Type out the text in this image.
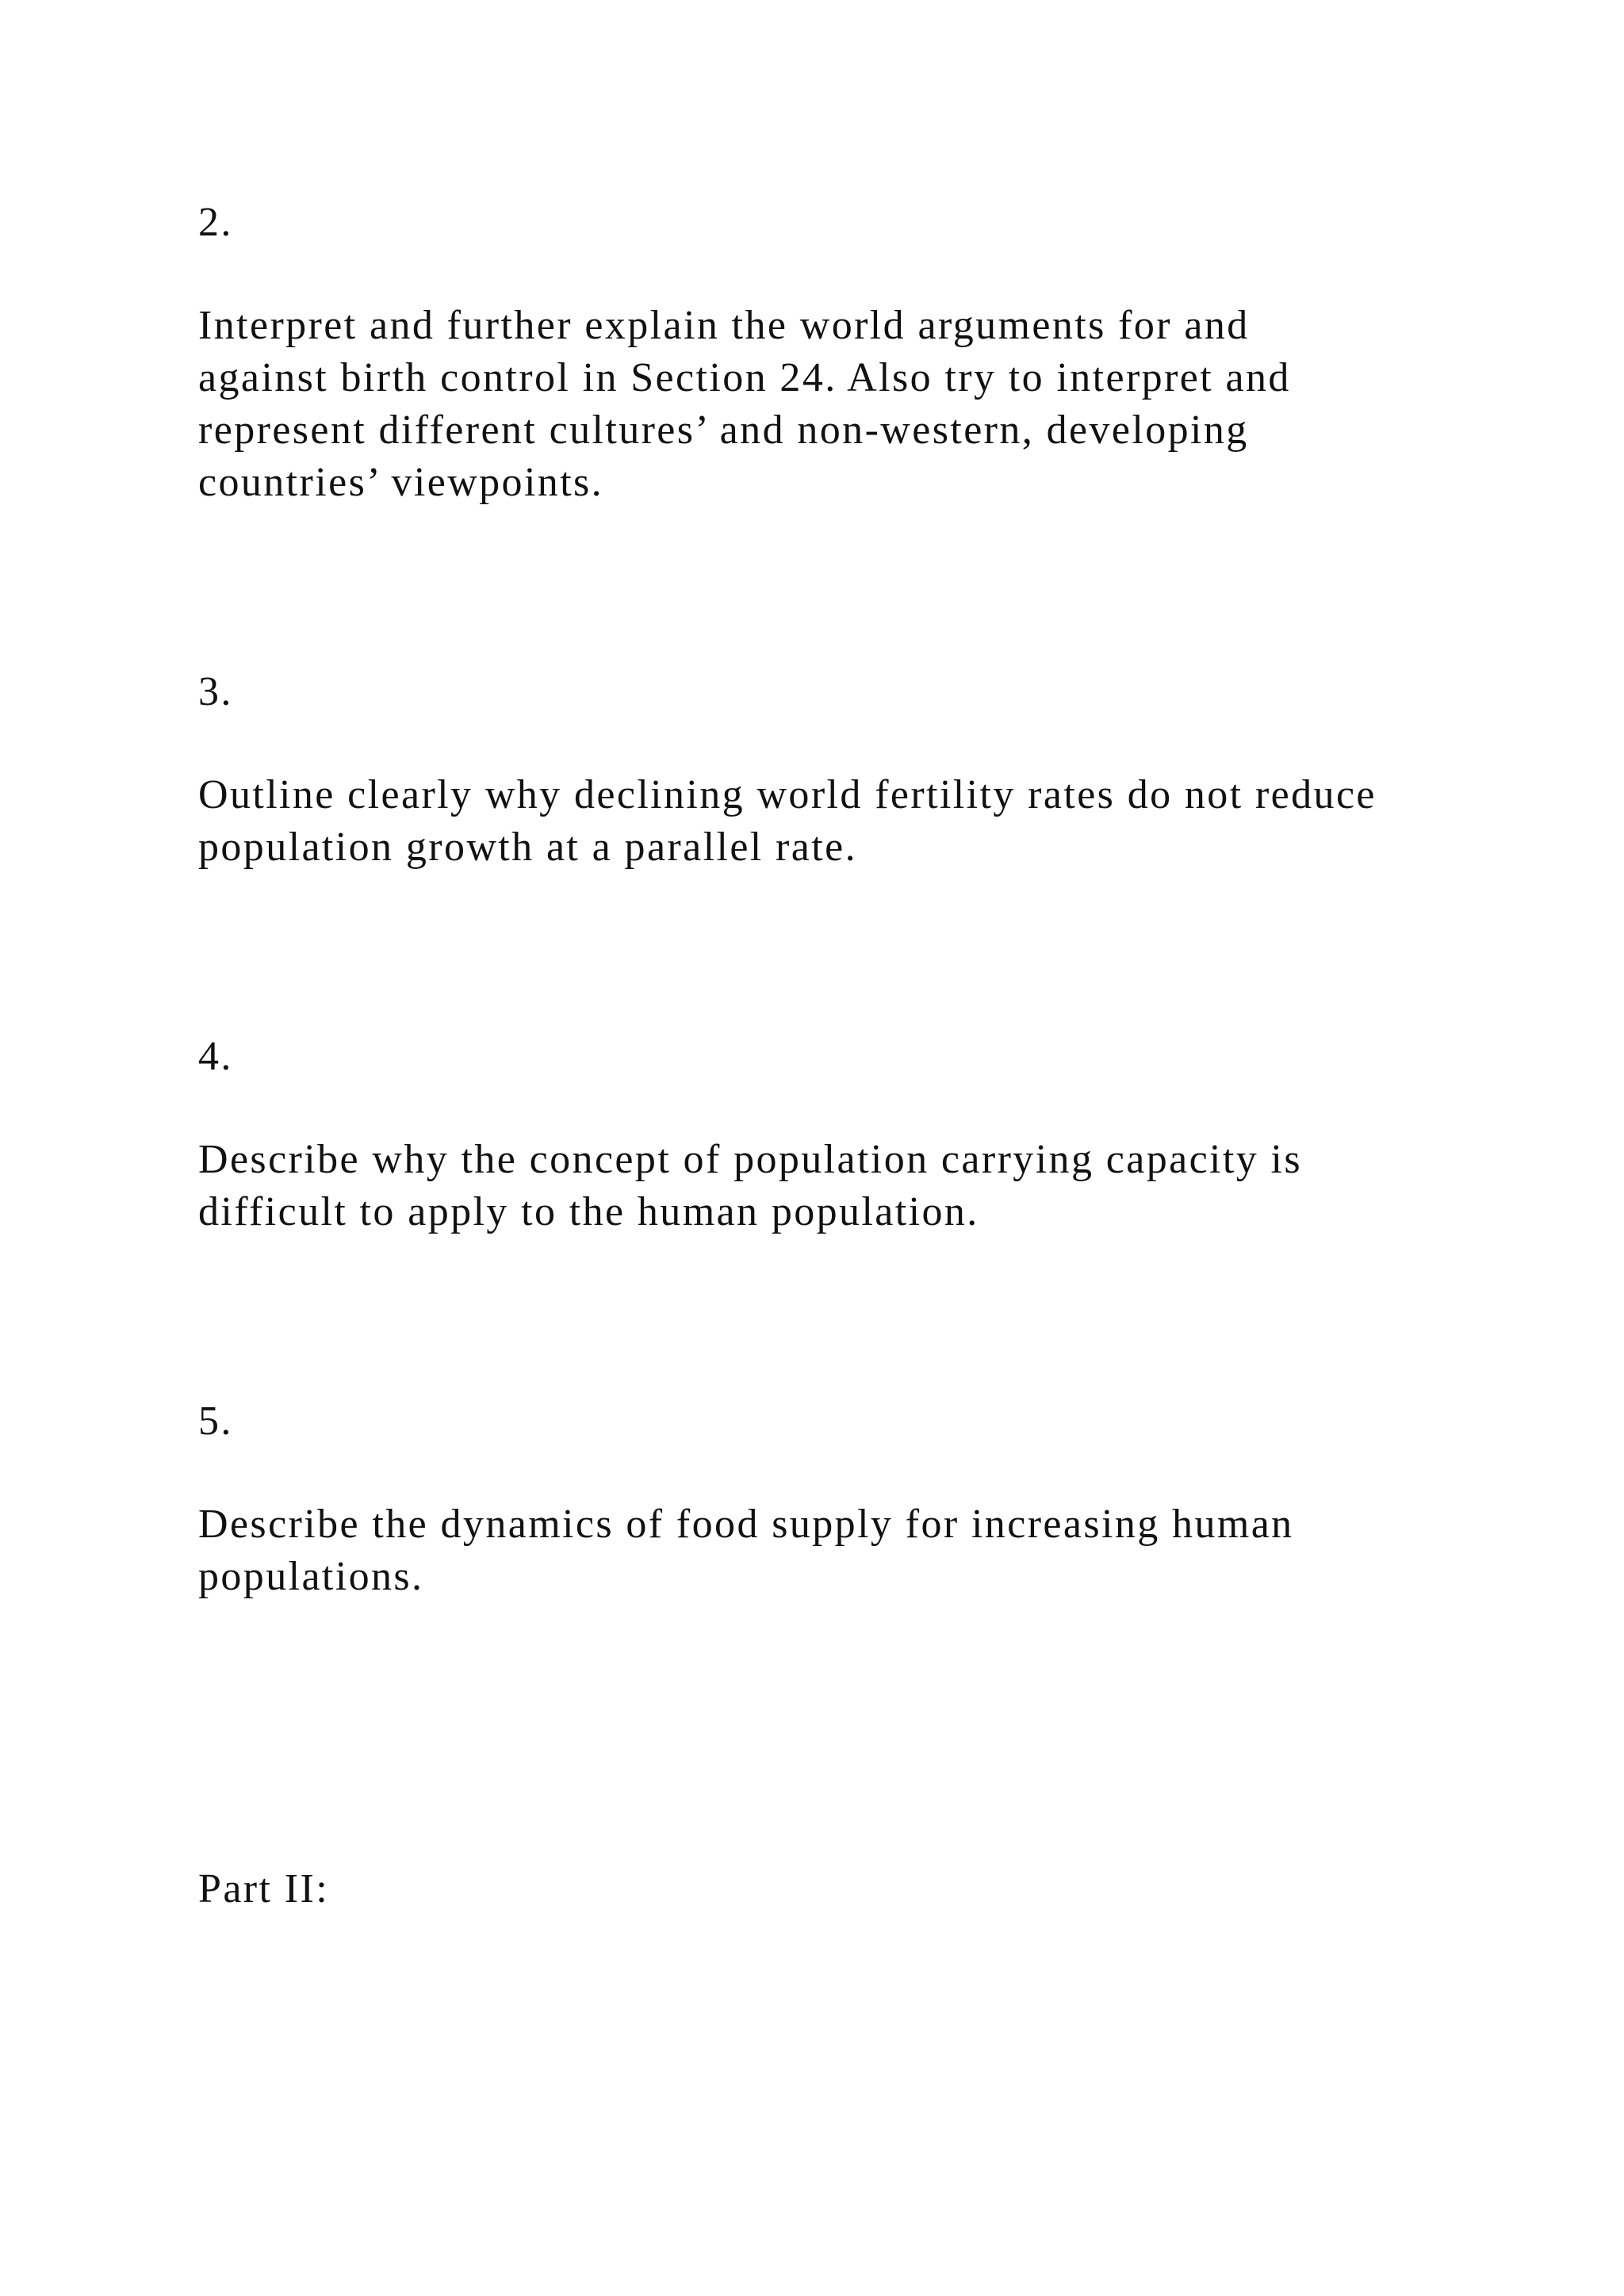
2.
Interpret and further explain the world arguments for and
against birth control in Section 24. Also try to interpret and
represent different cultures’ and non-western, developing
countries’ viewpoints.
3.
Outline clearly why declining world fertility rates do not reduce
population growth at a parallel rate.
4.
Describe why the concept of population carrying capacity is
difficult to apply to the human population.
5.
Describe the dynamics of food supply for increasing human
populations.
Part II:
